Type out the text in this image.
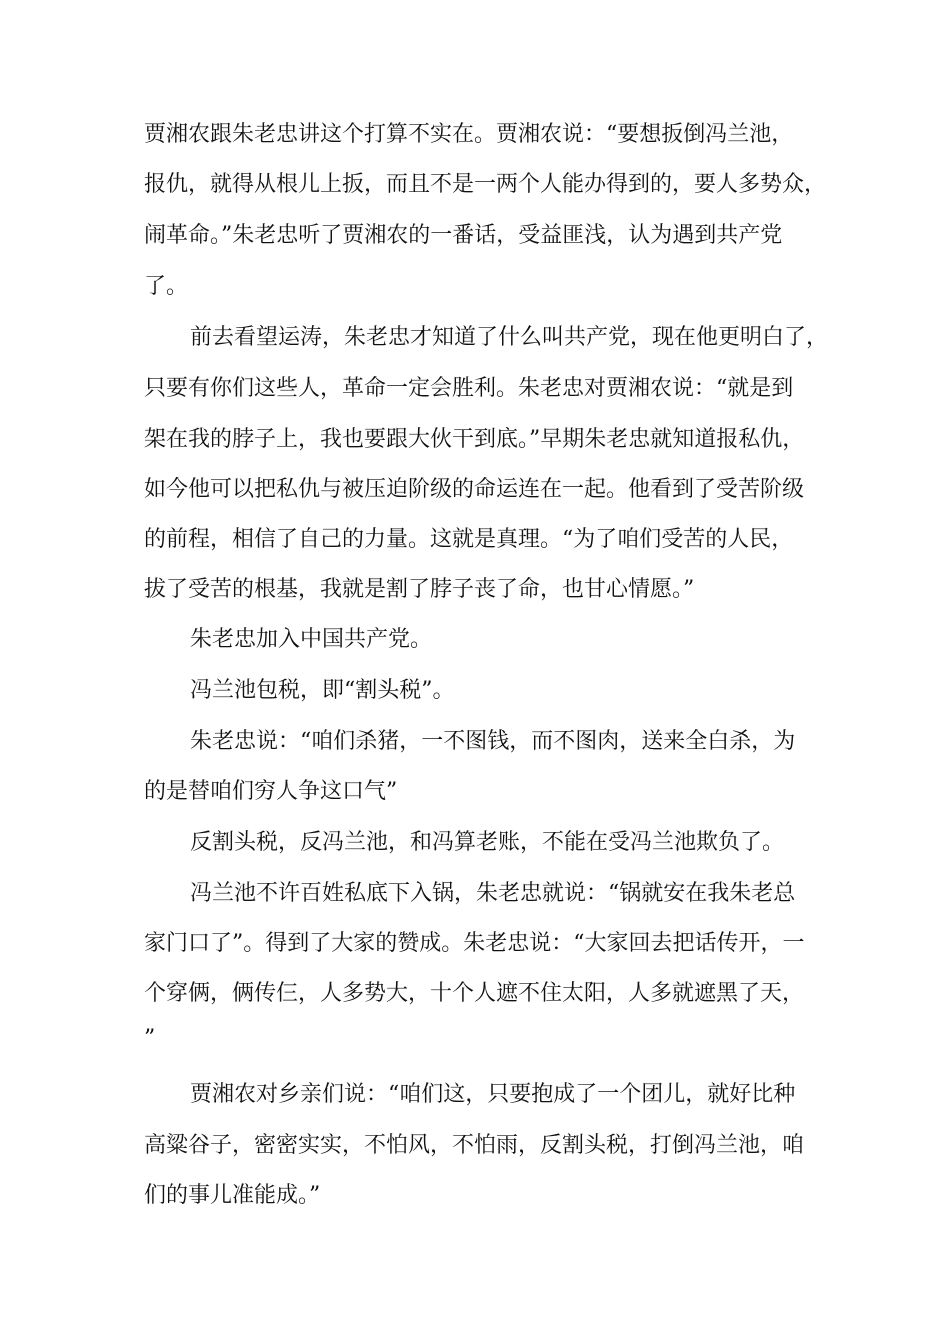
贾湘农跟朱老忠讲这个打算不实在。贾湘农说：“要想扳倒冯兰池，

报仇，就得从根儿上扳，而且不是一两个人能办得到的，要人多势众，

闹革命。”朱老忠听了贾湘农的一番话，受益匪浅，认为遇到共产党

了。

前去看望运涛，朱老忠才知道了什么叫共产党，现在他更明白了，

只要有你们这些人，革命一定会胜利。朱老忠对贾湘农说：“就是到

架在我的脖子上，我也要跟大伙干到底。”早期朱老忠就知道报私仇，

如今他可以把私仇与被压迫阶级的命运连在一起。他看到了受苦阶级

的前程，相信了自己的力量。这就是真理。“为了咱们受苦的人民，

拔了受苦的根基，我就是割了脖子丧了命，也甘心情愿。”

朱老忠加入中国共产党。

冯兰池包税，即“割头税”。

朱老忠说：“咱们杀猪，一不图钱，而不图肉，送来全白杀，为

的是替咱们穷人争这口气”

反割头税，反冯兰池，和冯算老账，不能在受冯兰池欺负了。

冯兰池不许百姓私底下入锅，朱老忠就说：“锅就安在我朱老总

家门口了”。得到了大家的赞成。朱老忠说：“大家回去把话传开，一

个穿俩，俩传仨，人多势大，十个人遮不住太阳，人多就遮黑了天，

”

贾湘农对乡亲们说：“咱们这，只要抱成了一个团儿，就好比种

高粱谷子，密密实实，不怕风，不怕雨，反割头税，打倒冯兰池，咱

们的事儿准能成。”
